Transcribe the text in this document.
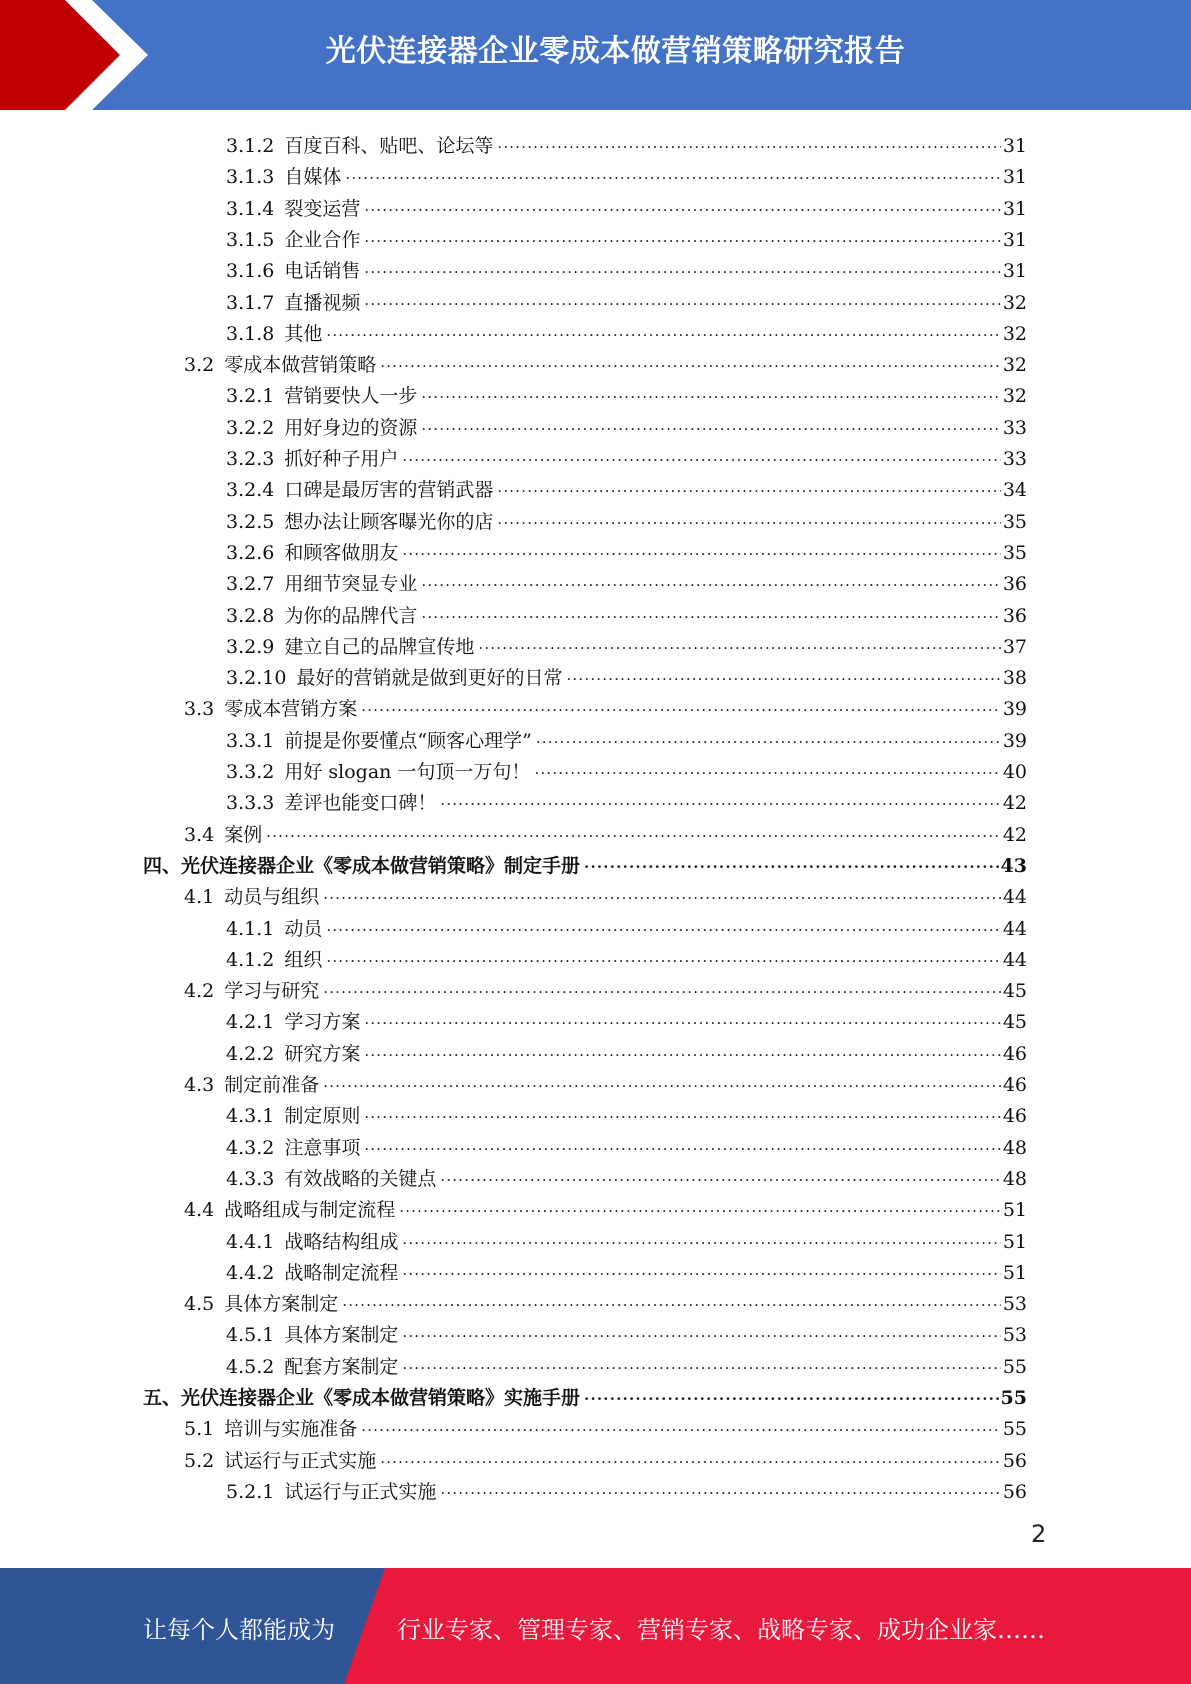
光伏连接器企业零成本做营销策略研究报告
3.1.2 百度百科、贴吧、论坛等 .....	31
3.1.3 自媒体 .....	31
3.1.4 裂变运营 .....	31
3.1.5 企业合作 .....	31
3.1.6 电话销售 .....	31
3.1.7 直播视频 .....	32
3.1.8 其他 .....	32
3.2 零成本做营销策略 .....	32
3.2.1 营销要快人一步 .....	32
3.2.2 用好身边的资源 .....	33
3.2.3 抓好种子用户 .....	33
3.2.4 口碑是最厉害的营销武器 .....	34
3.2.5 想办法让顾客曝光你的店 .....	35
3.2.6 和顾客做朋友 .....	35
3.2.7 用细节突显专业 .....	36
3.2.8 为你的品牌代言 .....	36
3.2.9 建立自己的品牌宣传地 .....	37
3.2.10 最好的营销就是做到更好的日常 .....	38
3.3 零成本营销方案 .....	39
3.3.1 前提是你要懂点“顾客心理学” .....	39
3.3.2 用好 slogan 一句顶一万句！ .....	40
3.3.3 差评也能变口碑！ .....	42
3.4 案例 .....	42
四、 光伏连接器企业《零成本做营销策略》制定手册 .....	43
4.1 动员与组织 .....	44
4.1.1 动员 .....	44
4.1.2 组织 .....	44
4.2 学习与研究 .....	45
4.2.1 学习方案 .....	45
4.2.2 研究方案 .....	46
4.3 制定前准备 .....	46
4.3.1 制定原则 .....	46
4.3.2 注意事项 .....	48
4.3.3 有效战略的关键点 .....	48
4.4 战略组成与制定流程 .....	51
4.4.1 战略结构组成 .....	51
4.4.2 战略制定流程 .....	51
4.5 具体方案制定 .....	53
4.5.1 具体方案制定 .....	53
4.5.2 配套方案制定 .....	55
五、 光伏连接器企业《零成本做营销策略》实施手册 .....	55
5.1 培训与实施准备 .....	55
5.2 试运行与正式实施 .....	56
5.2.1 试运行与正式实施 .....	56
2
让每个人都能成为	行业专家、管理专家、营销专家、战略专家、成功企业家……
